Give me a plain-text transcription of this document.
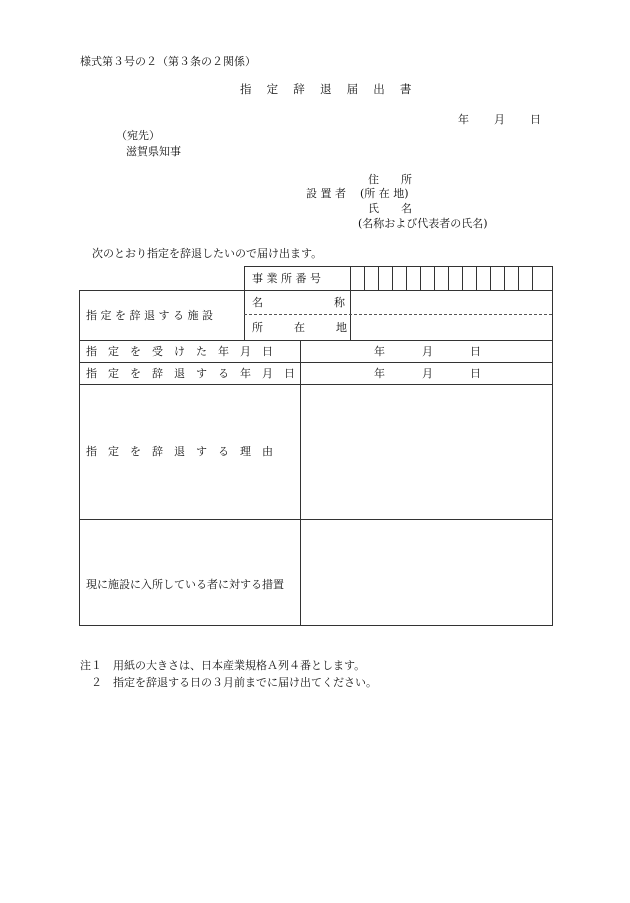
様式第３号の２（第３条の２関係）
指 定 辞 退 届 出 書
年 月 日
（宛先）
滋賀県知事
住　　所
設 置 者 (所 在 地)
氏　　名
(名称および代表者の氏名)
次のとおり指定を辞退したいので届け出ます。
事 業 所 番 号
指 定 を 辞 退 す る 施 設
名	称
所	在	地
指　定　を　受　け　た　年　月　日	年	月	日
指　定　を　辞　退　す　る　年　月　日	年	月	日
指　定　を　辞　退　す　る　理　由
現に施設に入所している者に対する措置
注１　用紙の大きさは、日本産業規格Ａ列４番とします。
　２　指定を辞退する日の３月前までに届け出てください。
